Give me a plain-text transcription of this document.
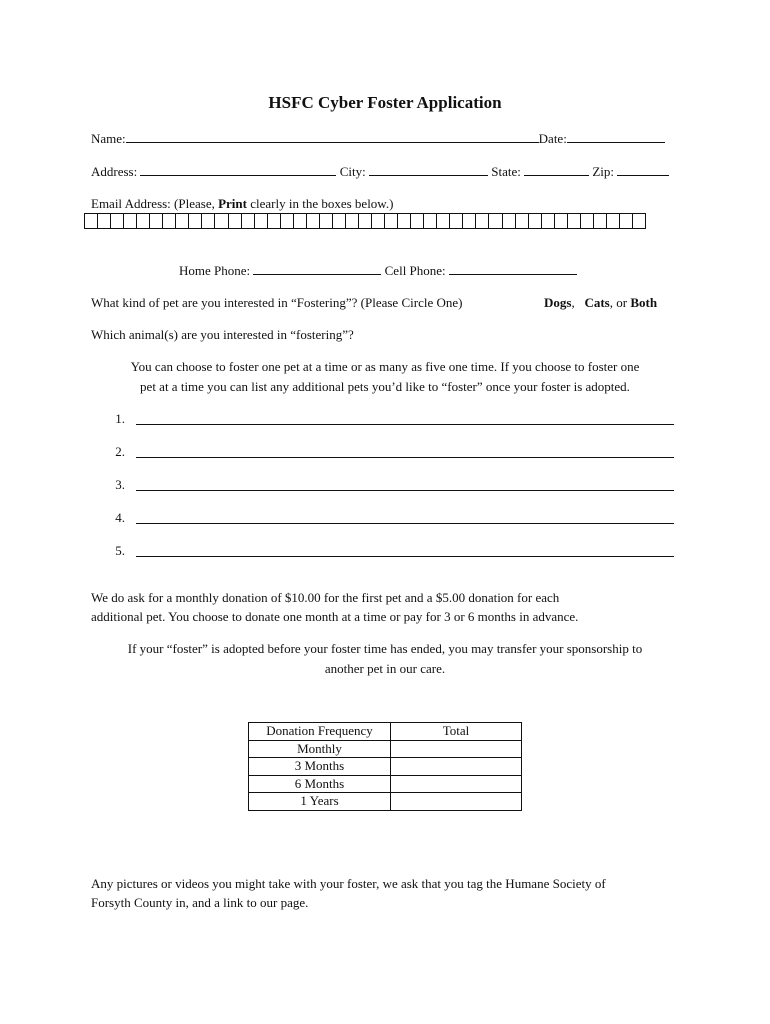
HSFC Cyber Foster Application
Name:	Date:
Address:	City:	State:	Zip:
Email Address: (Please, Print clearly in the boxes below.)
Home Phone:	Cell Phone:
What kind of pet are you interested in “Fostering”? (Please Circle One)	Dogs, Cats, or Both
Which animal(s) are you interested in “fostering”?
You can choose to foster one pet at a time or as many as five one time. If you choose to foster one
pet at a time you can list any additional pets you’d like to “foster” once your foster is adopted.
1.
2.
3.
4.
5.
We do ask for a monthly donation of $10.00 for the first pet and a $5.00 donation for each
additional pet. You choose to donate one month at a time or pay for 3 or 6 months in advance.
If your “foster” is adopted before your foster time has ended, you may transfer your sponsorship to
another pet in our care.
Donation Frequency	Total
Monthly	
3 Months	
6 Months	
1 Years	
Any pictures or videos you might take with your foster, we ask that you tag the Humane Society of
Forsyth County in, and a link to our page.
